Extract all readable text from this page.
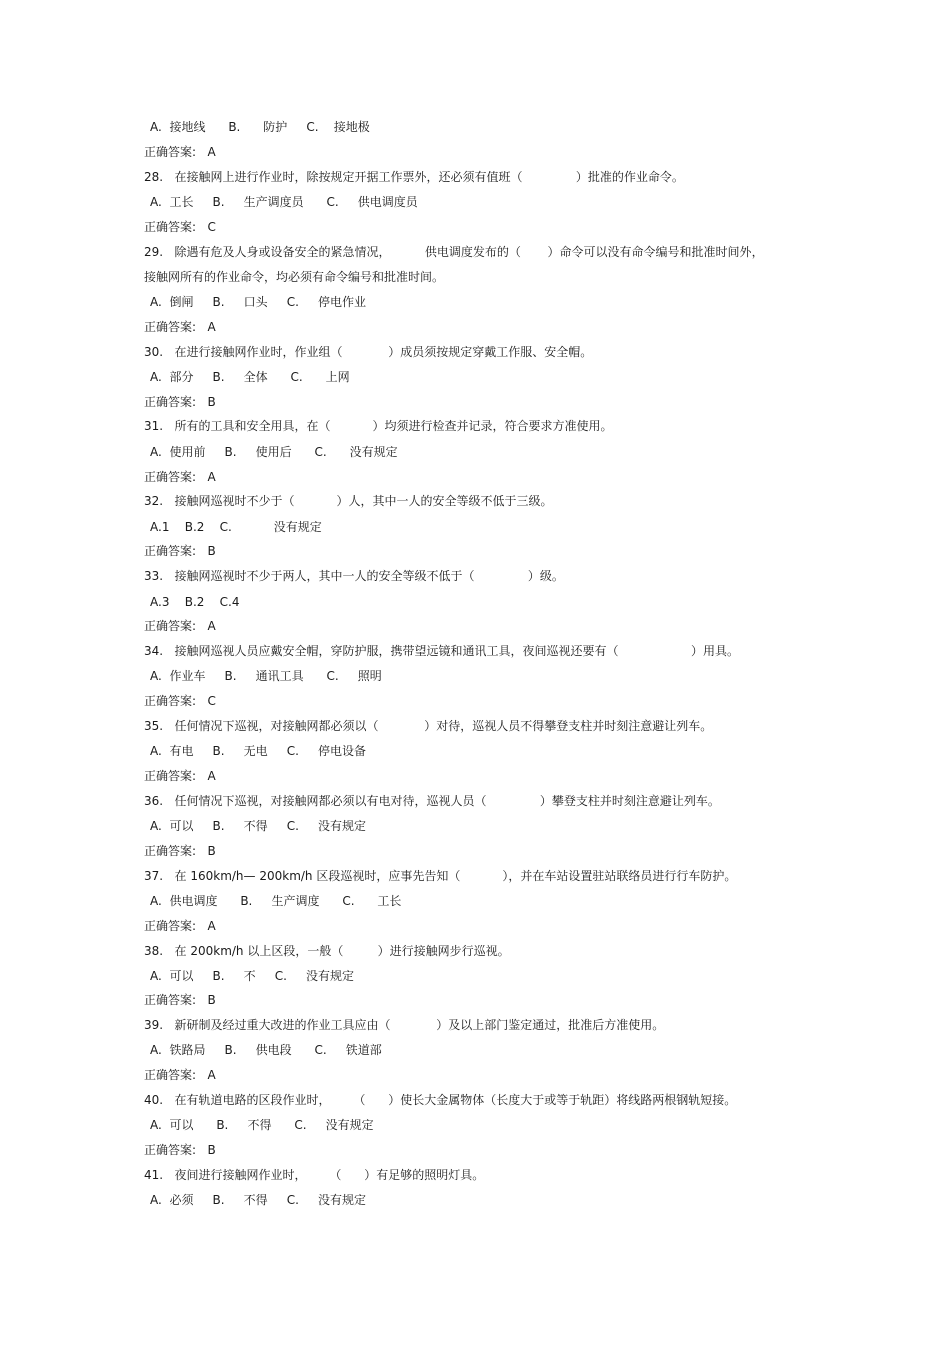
A.  接地线      B.      防护     C.    接地极
正确答案:   A
28.   在接触网上进行作业时，除按规定开据工作票外，还必须有值班（              ）批准的作业命令。
A.  工长     B.     生产调度员      C.     供电调度员
正确答案:   C
29.   除遇有危及人身或设备安全的紧急情况，         供电调度发布的（       ）命令可以没有命令编号和批准时间外，
接触网所有的作业命令，均必须有命令编号和批准时间。
A.  倒闸     B.     口头     C.     停电作业
正确答案:   A
30.   在进行接触网作业时，作业组（            ）成员须按规定穿戴工作服、安全帽。
A.  部分     B.     全体      C.      上网
正确答案:   B
31.   所有的工具和安全用具，在（           ）均须进行检查并记录，符合要求方准使用。
A.  使用前     B.     使用后      C.      没有规定
正确答案:   A
32.   接触网巡视时不少于（           ）人，其中一人的安全等级不低于三级。
A.1    B.2    C.           没有规定
正确答案:   B
33.   接触网巡视时不少于两人，其中一人的安全等级不低于（              ）级。
A.3    B.2    C.4
正确答案:   A
34.   接触网巡视人员应戴安全帽，穿防护服，携带望远镜和通讯工具，夜间巡视还要有（                   ）用具。
A.  作业车     B.     通讯工具      C.     照明
正确答案:   C
35.   任何情况下巡视，对接触网都必须以（            ）对待，巡视人员不得攀登支柱并时刻注意避让列车。
A.  有电     B.     无电     C.     停电设备
正确答案:   A
36.   任何情况下巡视，对接触网都必须以有电对待，巡视人员（              ）攀登支柱并时刻注意避让列车。
A.  可以     B.     不得     C.     没有规定
正确答案:   B
37.   在 160km/h— 200km/h 区段巡视时，应事先告知（           ），并在车站设置驻站联络员进行行车防护。
A.  供电调度      B.     生产调度      C.      工长
正确答案:   A
38.   在 200km/h 以上区段，一般（         ）进行接触网步行巡视。
A.  可以     B.     不     C.     没有规定
正确答案:   B
39.   新研制及经过重大改进的作业工具应由（            ）及以上部门鉴定通过，批准后方准使用。
A.  铁路局     B.     供电段      C.     铁道部
正确答案:   A
40.   在有轨道电路的区段作业时，      （      ）使长大金属物体（长度大于或等于轨距）将线路两根钢轨短接。
A.  可以      B.     不得      C.     没有规定
正确答案:   B
41.   夜间进行接触网作业时，      （      ）有足够的照明灯具。
A.  必须     B.     不得     C.     没有规定
